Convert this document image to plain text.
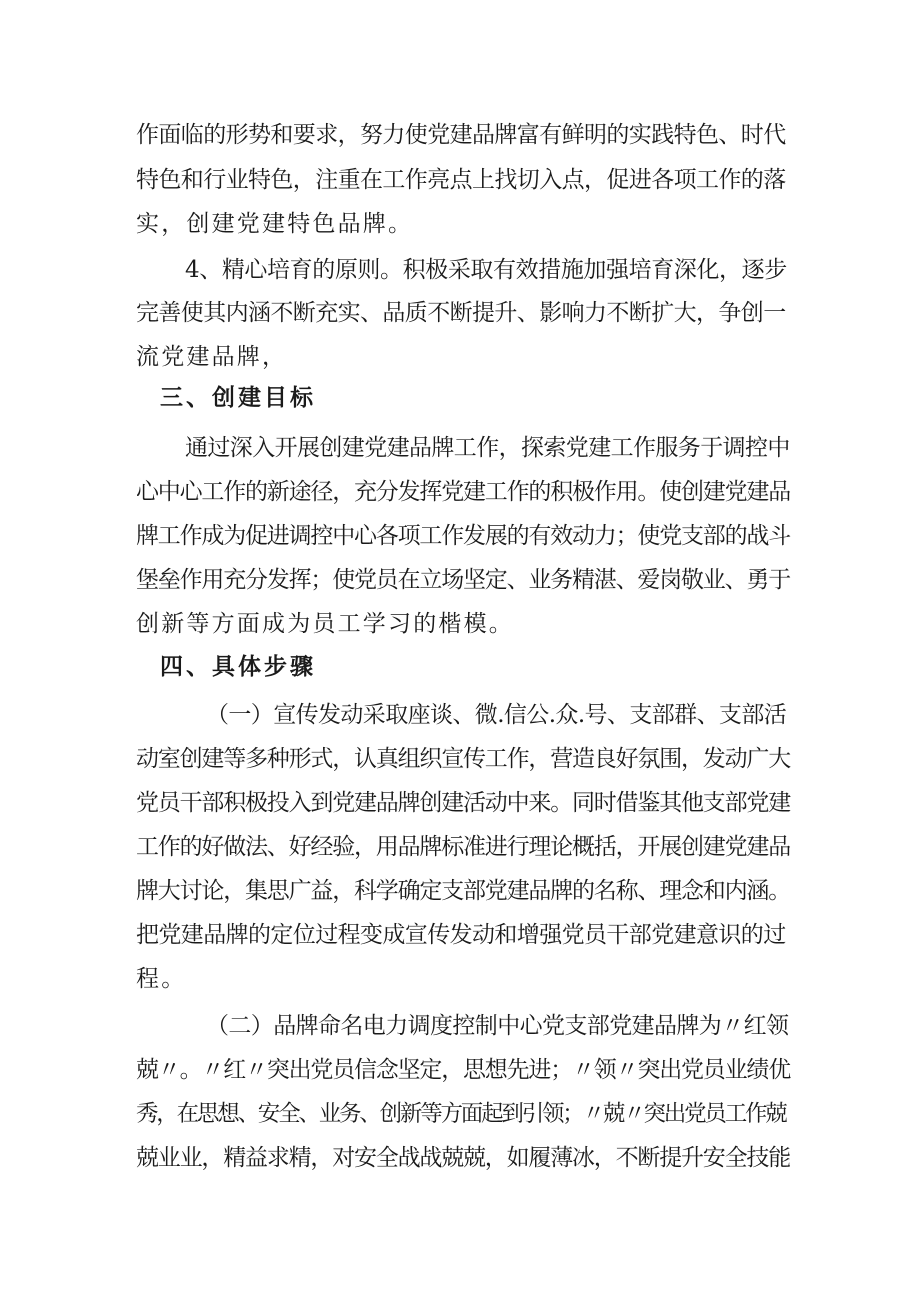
作面临的形势和要求，努力使党建品牌富有鲜明的实践特色、时代
特色和行业特色，注重在工作亮点上找切入点，促进各项工作的落
实，创建党建特色品牌。
4、精心培育的原则。积极采取有效措施加强培育深化，逐步
完善使其内涵不断充实、品质不断提升、影响力不断扩大，争创一
流党建品牌，
三、创建目标
通过深入开展创建党建品牌工作，探索党建工作服务于调控中
心中心工作的新途径，充分发挥党建工作的积极作用。使创建党建品
牌工作成为促进调控中心各项工作发展的有效动力；使党支部的战斗
堡垒作用充分发挥；使党员在立场坚定、业务精湛、爱岗敬业、勇于
创新等方面成为员工学习的楷模。
四、具体步骤
（一）宣传发动采取座谈、微.信公.众.号、支部群、支部活
动室创建等多种形式，认真组织宣传工作，营造良好氛围，发动广大
党员干部积极投入到党建品牌创建活动中来。同时借鉴其他支部党建
工作的好做法、好经验，用品牌标准进行理论概括，开展创建党建品
牌大讨论，集思广益，科学确定支部党建品牌的名称、理念和内涵。
把党建品牌的定位过程变成宣传发动和增强党员干部党建意识的过
程。
（二）品牌命名电力调度控制中心党支部党建品牌为〃红领
兢〃。〃红〃突出党员信念坚定，思想先进；〃领〃突出党员业绩优
秀，在思想、安全、业务、创新等方面起到引领；〃兢〃突出党员工作兢
兢业业，精益求精，对安全战战兢兢，如履薄冰，不断提升安全技能
